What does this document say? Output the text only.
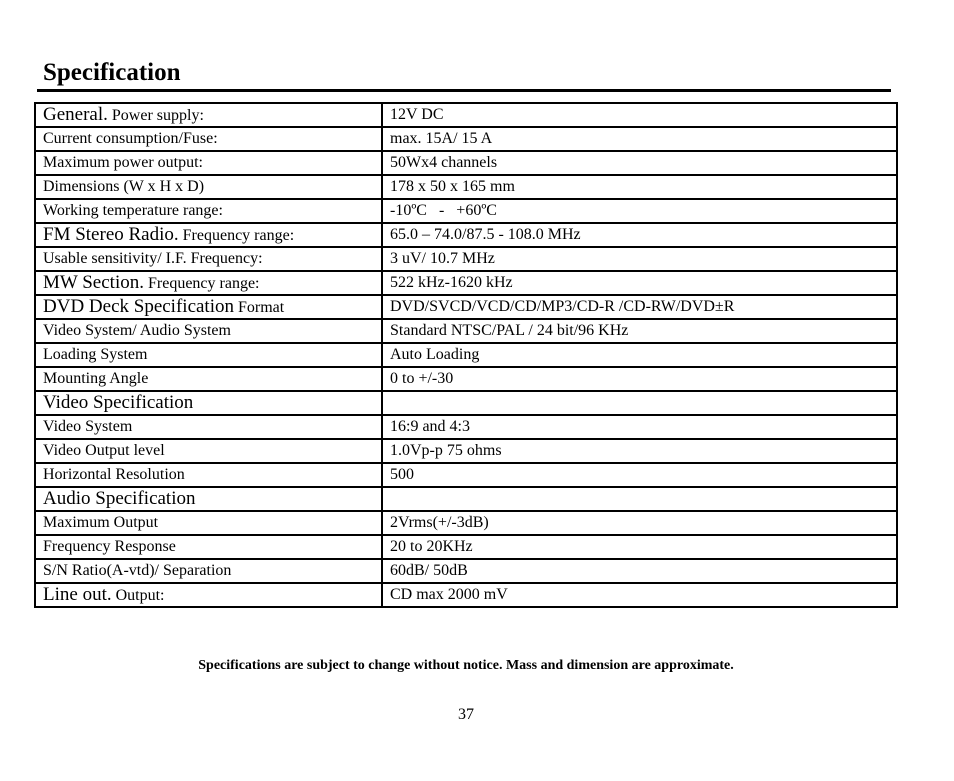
Specification
General. Power supply:	12V DC
Current consumption/Fuse:	max. 15A/ 15 A
Maximum power output:	50Wx4 channels
Dimensions (W x H x D)	178 x 50 x 165 mm
Working temperature range:	-10ºC   -   +60ºC
FM Stereo Radio. Frequency range:	65.0 – 74.0/87.5 - 108.0 MHz
Usable sensitivity/ I.F. Frequency:	3 uV/ 10.7 MHz
MW Section. Frequency range:	522 kHz-1620 kHz
DVD Deck Specification Format	DVD/SVCD/VCD/CD/MP3/CD-R /CD-RW/DVD±R
Video System/ Audio System	Standard NTSC/PAL / 24 bit/96 KHz
Loading System	Auto Loading
Mounting Angle	0 to +/-30
Video Specification	
Video System	16:9 and 4:3
Video Output level	1.0Vp-p 75 ohms
Horizontal Resolution	500
Audio Specification	
Maximum Output	2Vrms(+/-3dB)
Frequency Response	20 to 20KHz
S/N Ratio(A-vtd)/ Separation	60dB/ 50dB
Line out. Output:	CD max 2000 mV
Specifications are subject to change without notice. Mass and dimension are approximate.
37
